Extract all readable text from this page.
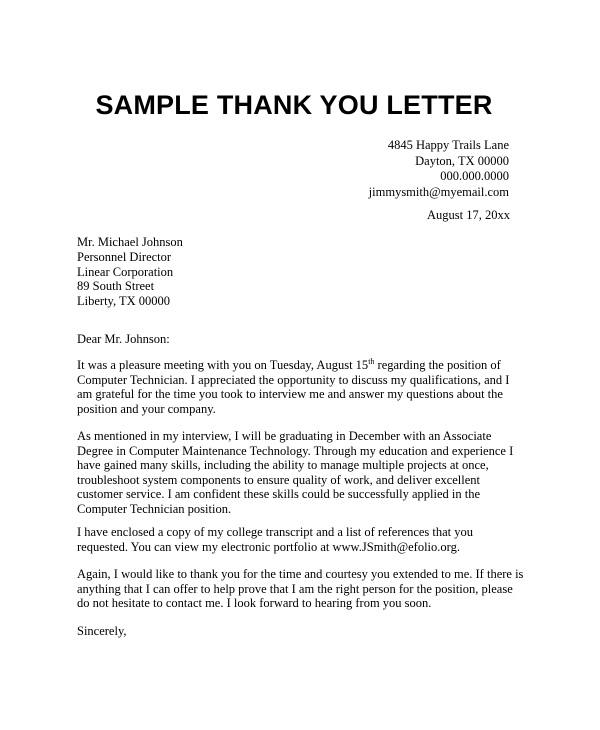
SAMPLE THANK YOU LETTER
4845 Happy Trails Lane
Dayton, TX 00000
000.000.0000
jimmysmith@myemail.com
August 17, 20xx
Mr. Michael Johnson
Personnel Director
Linear Corporation
89 South Street
Liberty, TX 00000
Dear Mr. Johnson:
It was a pleasure meeting with you on Tuesday, August 15th regarding the position of
Computer Technician. I appreciated the opportunity to discuss my qualifications, and I
am grateful for the time you took to interview me and answer my questions about the
position and your company.
As mentioned in my interview, I will be graduating in December with an Associate
Degree in Computer Maintenance Technology. Through my education and experience I
have gained many skills, including the ability to manage multiple projects at once,
troubleshoot system components to ensure quality of work, and deliver excellent
customer service. I am confident these skills could be successfully applied in the
Computer Technician position.
I have enclosed a copy of my college transcript and a list of references that you
requested. You can view my electronic portfolio at www.JSmith@efolio.org.
Again, I would like to thank you for the time and courtesy you extended to me. If there is
anything that I can offer to help prove that I am the right person for the position, please
do not hesitate to contact me. I look forward to hearing from you soon.
Sincerely,
